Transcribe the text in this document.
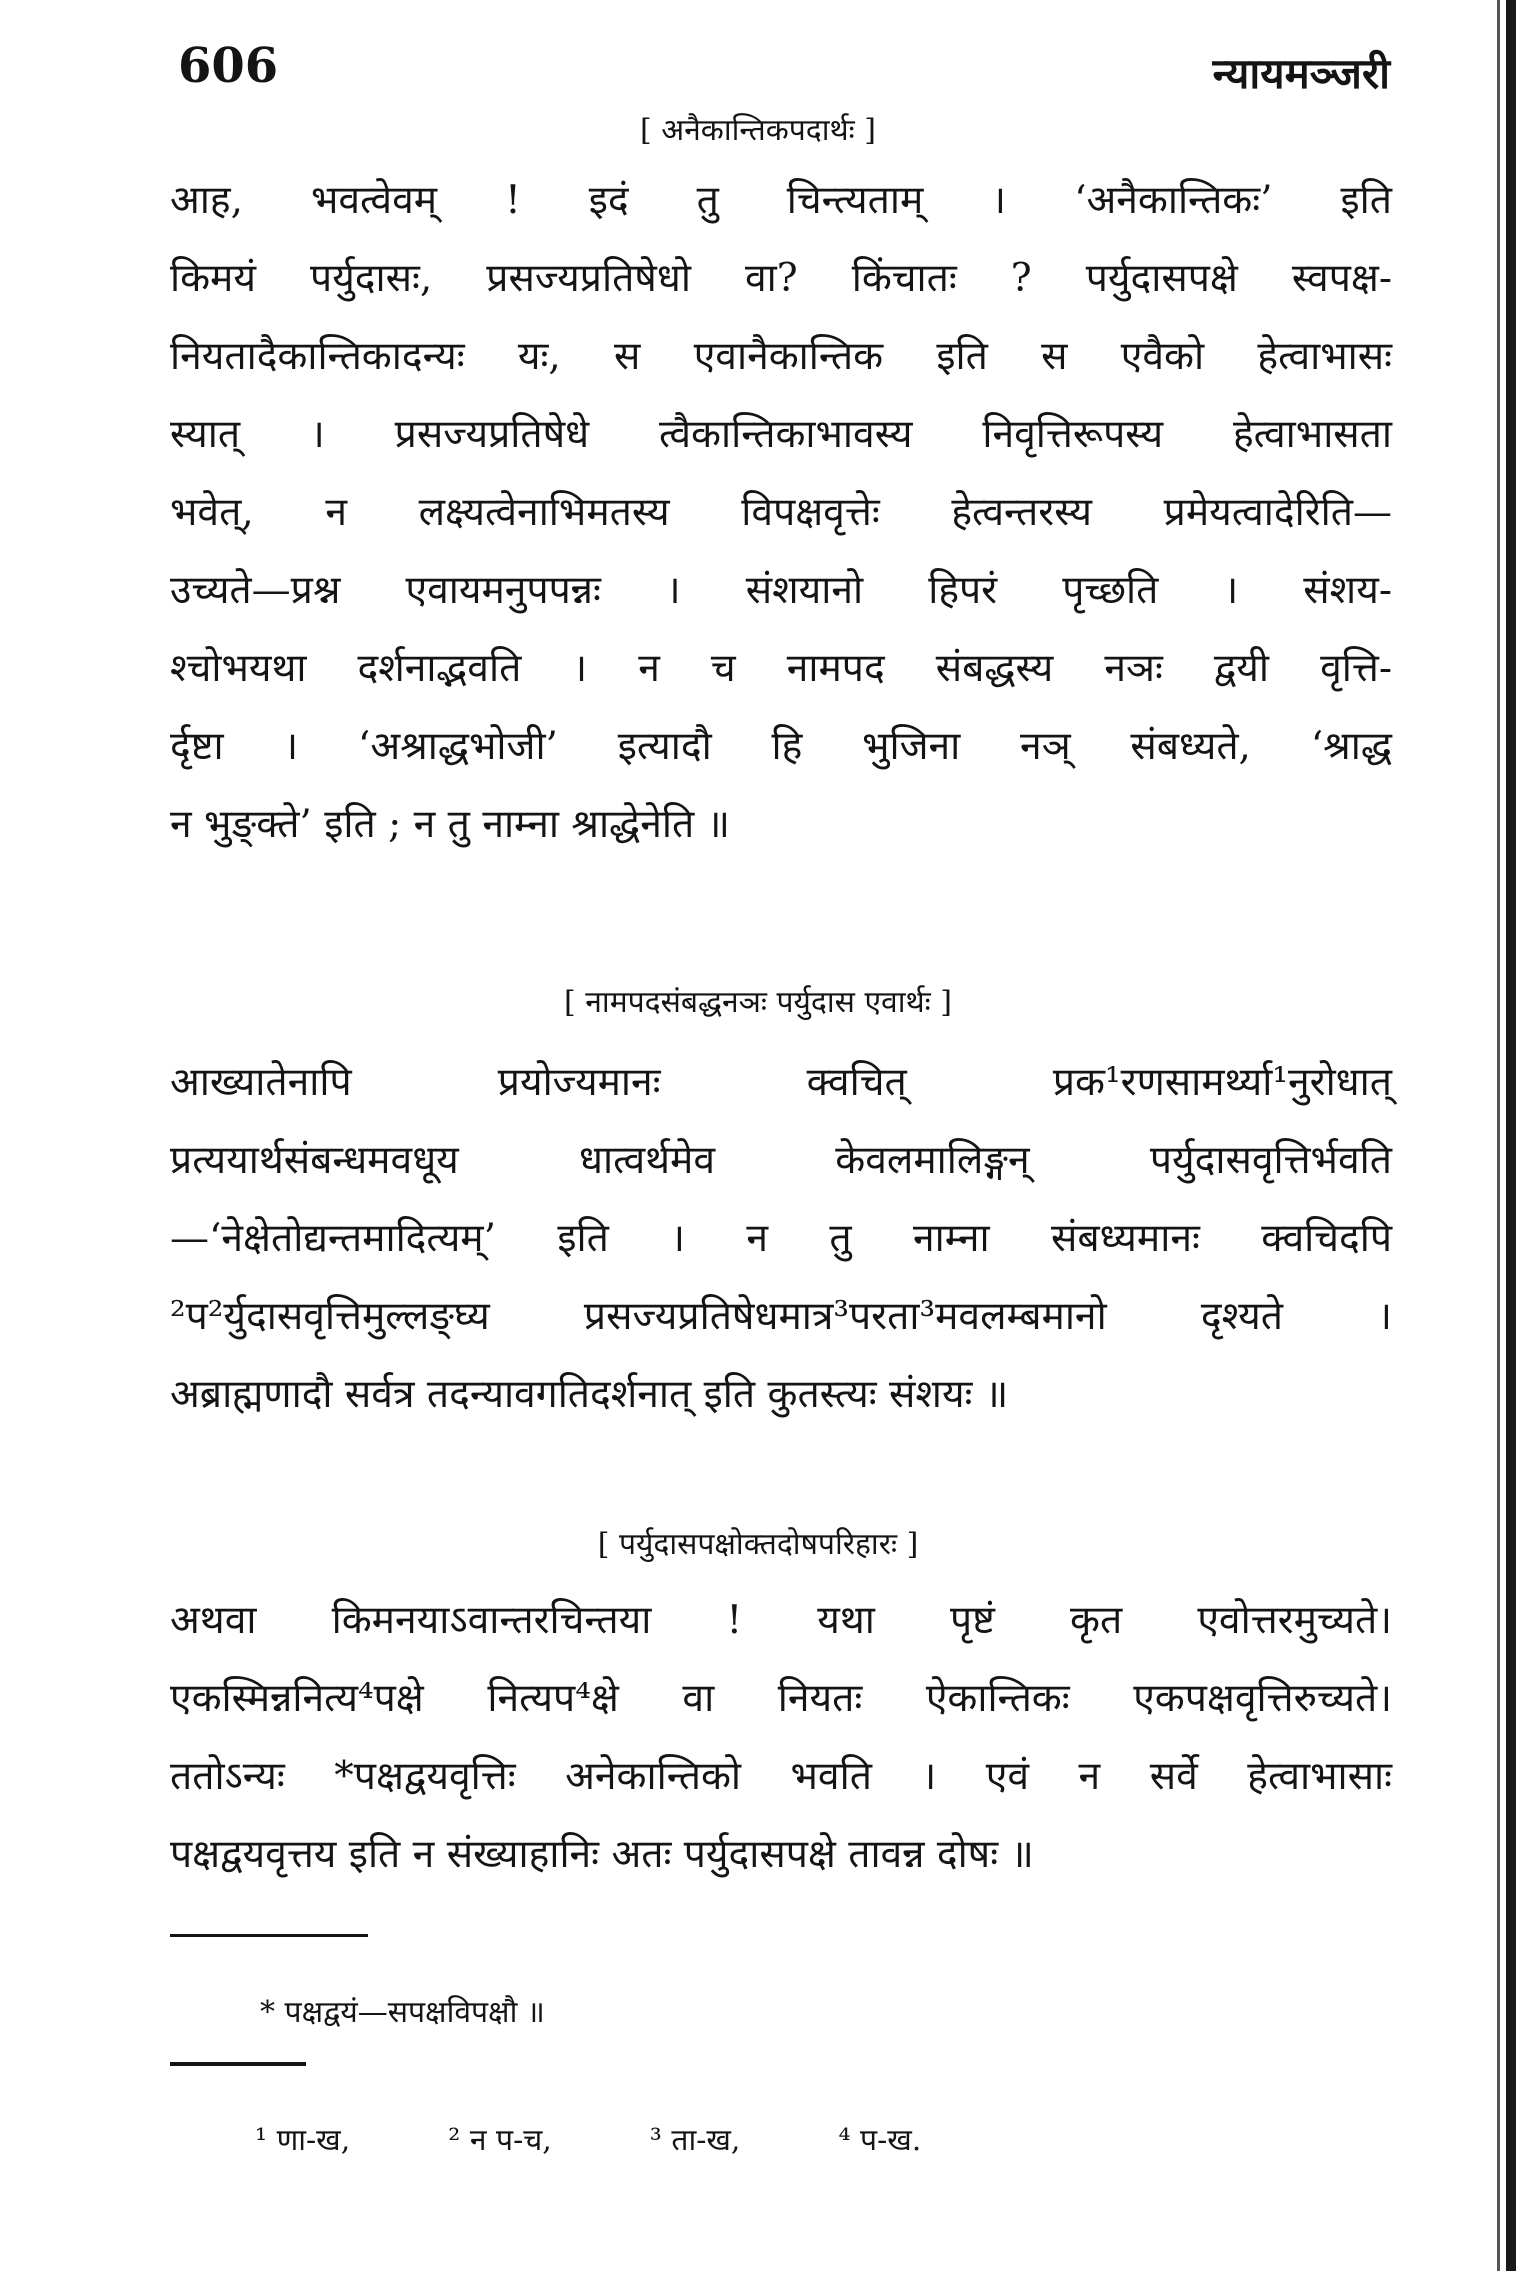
606	न्यायमञ्जरी
[ अनैकान्तिकपदार्थः ]
आह, भवत्वेवम् ! इदं तु चिन्त्यताम् । ‘अनैकान्तिकः’ इति
किमयं पर्युदासः, प्रसज्यप्रतिषेधो वा? किंचातः ? पर्युदासपक्षे स्वपक्ष-
नियतादैकान्तिकादन्यः यः, स एवानैकान्तिक इति स एवैको हेत्वाभासः
स्यात् । प्रसज्यप्रतिषेधे त्वैकान्तिकाभावस्य निवृत्तिरूपस्य हेत्वाभासता
भवेत्, न लक्ष्यत्वेनाभिमतस्य विपक्षवृत्तेः हेत्वन्तरस्य प्रमेयत्वादेरिति—
उच्यते—प्रश्न एवायमनुपपन्नः । संशयानो हिपरं पृच्छति । संशय-
श्चोभयथा दर्शनाद्भवति । न च नामपद संबद्धस्य नञः द्वयी वृत्ति-
र्दृष्टा । ‘अश्राद्धभोजी’ इत्यादौ हि भुजिना नञ् संबध्यते, ‘श्राद्ध
न भुङ्क्ते’ इति ; न तु नाम्ना श्राद्धेनेति ॥
[ नामपदसंबद्धनञः पर्युदास एवार्थः ]
आख्यातेनापि प्रयोज्यमानः क्वचित् प्रक¹रणसामर्थ्या¹नुरोधात्
प्रत्ययार्थसंबन्धमवधूय धात्वर्थमेव केवलमालिङ्गन् पर्युदासवृत्तिर्भवति
—‘नेक्षेतोद्यन्तमादित्यम्’ इति । न तु नाम्ना संबध्यमानः क्वचिदपि
²प²र्युदासवृत्तिमुल्लङ्घ्य प्रसज्यप्रतिषेधमात्र³परता³मवलम्बमानो दृश्यते ।
अब्राह्मणादौ सर्वत्र तदन्यावगतिदर्शनात् इति कुतस्त्यः संशयः ॥
[ पर्युदासपक्षोक्तदोषपरिहारः ]
अथवा किमनयाऽवान्तरचिन्तया ! यथा पृष्टं कृत एवोत्तरमुच्यते।
एकस्मिन्ननित्य⁴पक्षे नित्यप⁴क्षे वा नियतः ऐकान्तिकः एकपक्षवृत्तिरुच्यते।
ततोऽन्यः *पक्षद्वयवृत्तिः अनेकान्तिको भवति । एवं न सर्वे हेत्वाभासाः
पक्षद्वयवृत्तय इति न संख्याहानिः अतः पर्युदासपक्षे तावन्न दोषः ॥
* पक्षद्वयं—सपक्षविपक्षौ ॥
¹ णा-ख,	² न प-च,	³ ता-ख,	⁴ प-ख.
